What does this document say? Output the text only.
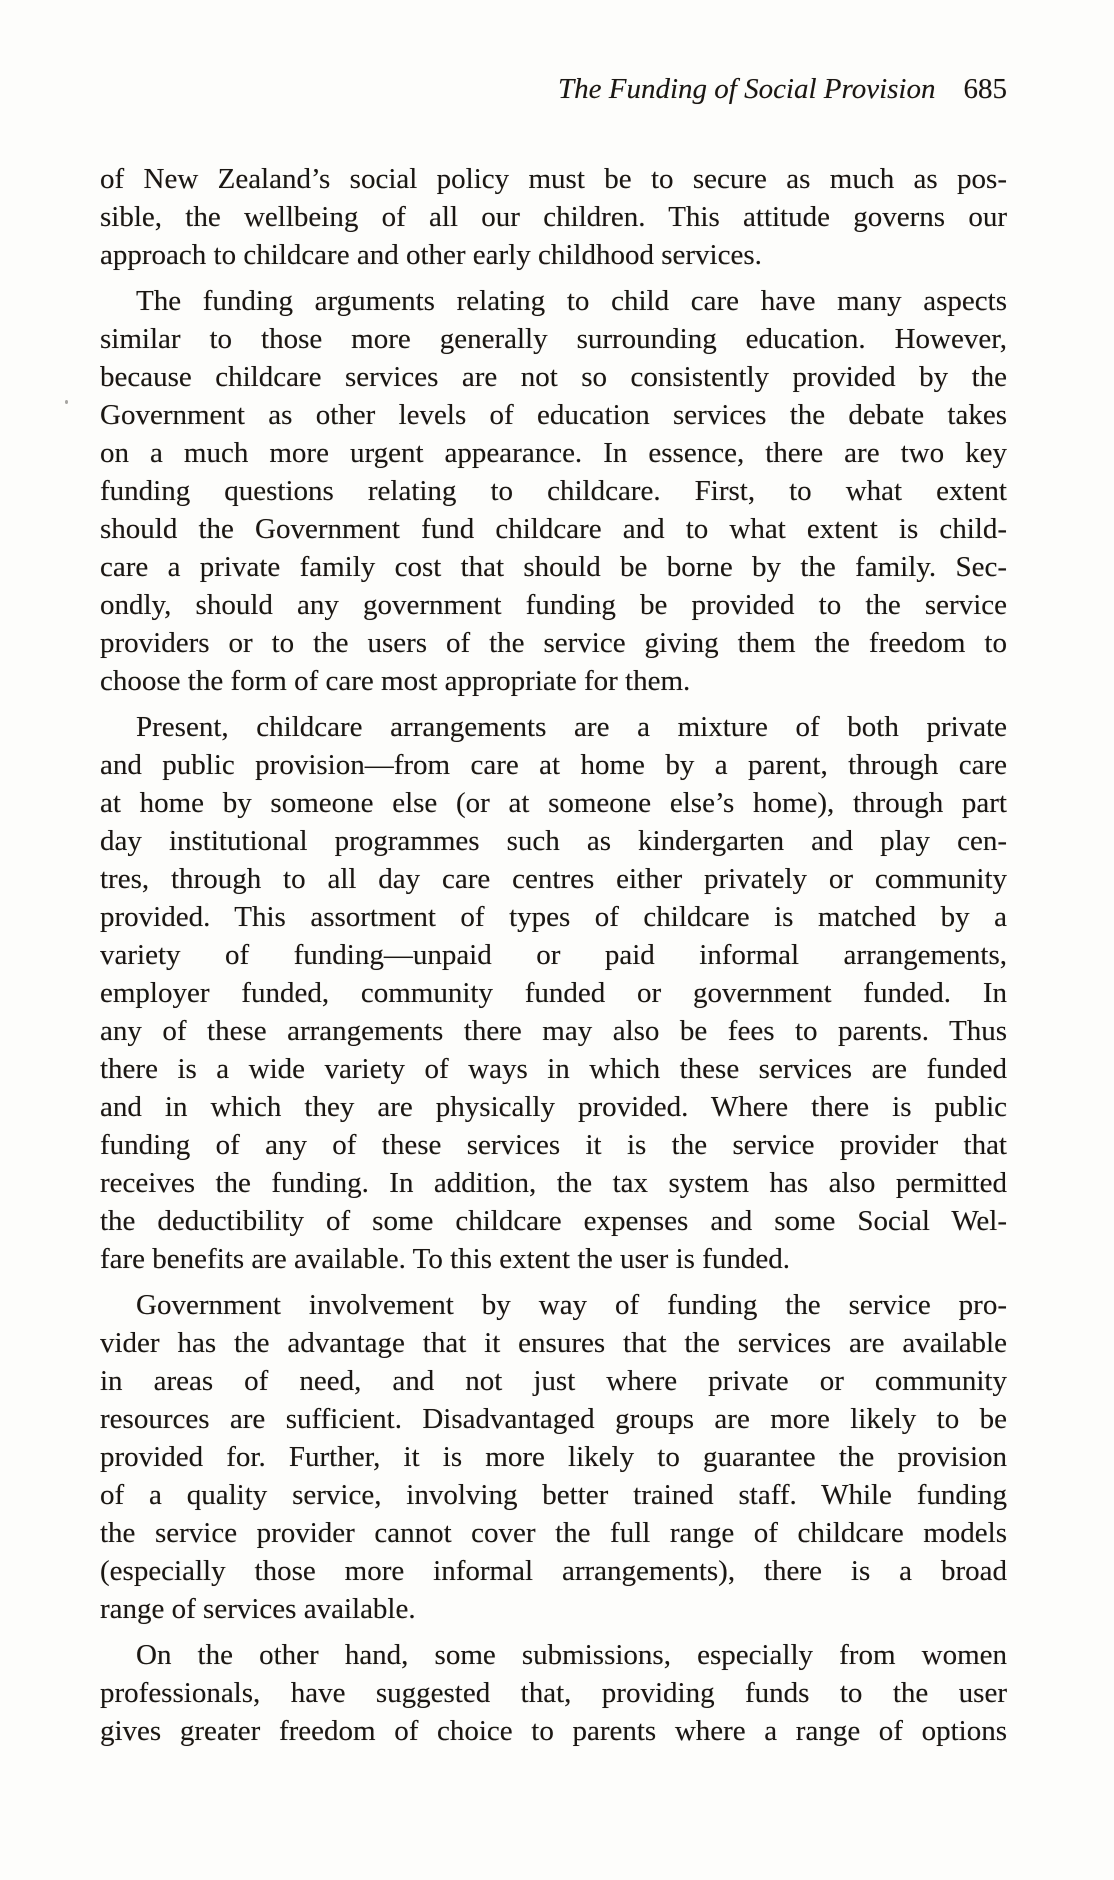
The Funding of Social Provision 685
of New Zealand’s social policy must be to secure as much as pos-
sible, the wellbeing of all our children. This attitude governs our
approach to childcare and other early childhood services.
The funding arguments relating to child care have many aspects
similar to those more generally surrounding education. However,
because childcare services are not so consistently provided by the
Government as other levels of education services the debate takes
on a much more urgent appearance. In essence, there are two key
funding questions relating to childcare. First, to what extent
should the Government fund childcare and to what extent is child-
care a private family cost that should be borne by the family. Sec-
ondly, should any government funding be provided to the service
providers or to the users of the service giving them the freedom to
choose the form of care most appropriate for them.
Present, childcare arrangements are a mixture of both private
and public provision—from care at home by a parent, through care
at home by someone else (or at someone else’s home), through part
day institutional programmes such as kindergarten and play cen-
tres, through to all day care centres either privately or community
provided. This assortment of types of childcare is matched by a
variety of funding—unpaid or paid informal arrangements,
employer funded, community funded or government funded. In
any of these arrangements there may also be fees to parents. Thus
there is a wide variety of ways in which these services are funded
and in which they are physically provided. Where there is public
funding of any of these services it is the service provider that
receives the funding. In addition, the tax system has also permitted
the deductibility of some childcare expenses and some Social Wel-
fare benefits are available. To this extent the user is funded.
Government involvement by way of funding the service pro-
vider has the advantage that it ensures that the services are available
in areas of need, and not just where private or community
resources are sufficient. Disadvantaged groups are more likely to be
provided for. Further, it is more likely to guarantee the provision
of a quality service, involving better trained staff. While funding
the service provider cannot cover the full range of childcare models
(especially those more informal arrangements), there is a broad
range of services available.
On the other hand, some submissions, especially from women
professionals, have suggested that, providing funds to the user
gives greater freedom of choice to parents where a range of options
